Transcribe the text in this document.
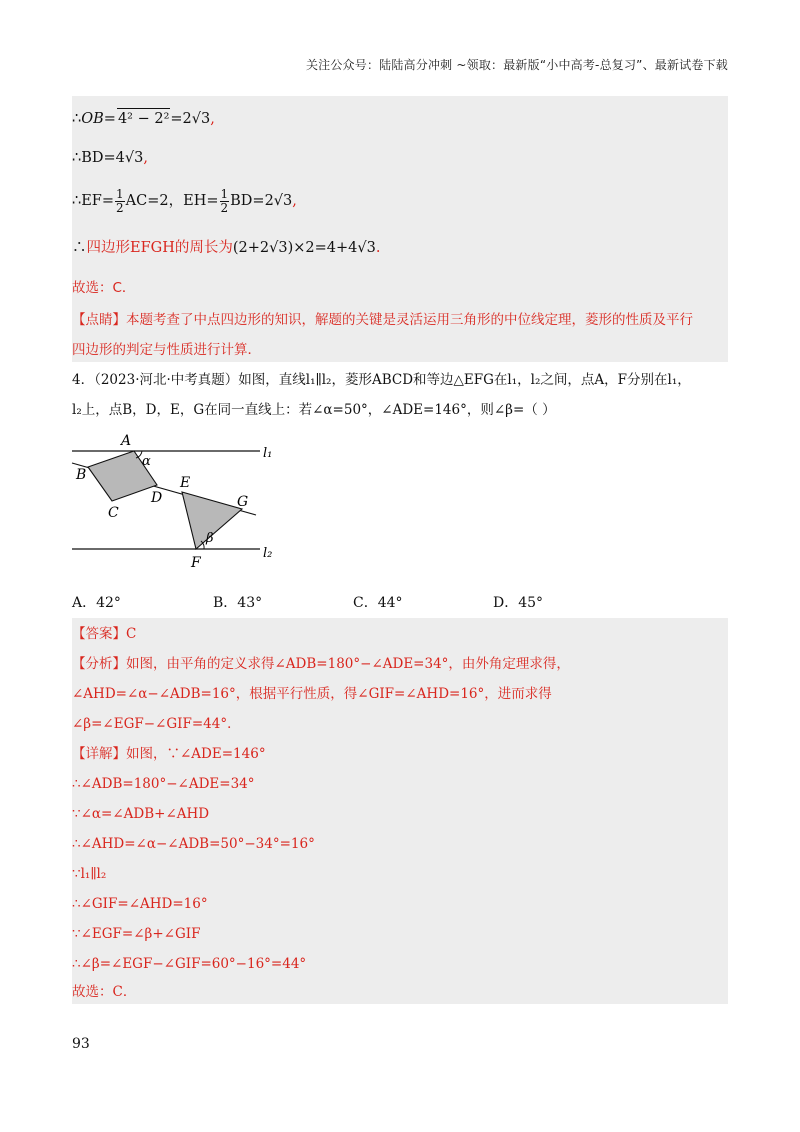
关注公众号：陆陆高分冲刺 ~领取：最新版“小中高考-总复习”、最新试卷下载
∴OB= 4² − 2²=2√3,
∴BD=4√3,
∴EF= $\frac{1}{2} AC=2$，$EH= \frac{1}{2} BD=2√3$,
∴四边形EFGH的周长为(2+2√3)×2=4+4√3.
故选：C．
【点睛】本题考查了中点四边形的知识，解题的关键是灵活运用三角形的中位线定理，菱形的性质及平行
四边形的判定与性质进行计算．
4．（2023·河北·中考真题）如图，直线l₁∥l₂，菱形ABCD和等边△EFG在l₁，l₂之间，点A，F分别在l₁，
l₂上，点B，D，E，G在同一直线上：若∠α=50°，∠ADE=146°，则∠β=（ ）
A
B
C
D
E
G
F
α
β
l₁
l₂
A．42°	B．43°	C．44°	D．45°
【答案】C
【分析】如图，由平角的定义求得∠ADB=180°−∠ADE=34°，由外角定理求得，
∠AHD=∠α−∠ADB=16°，根据平行性质，得∠GIF=∠AHD=16°，进而求得
∠β=∠EGF−∠GIF=44°．
【详解】如图，∵∠ADE=146°
∴∠ADB=180°−∠ADE=34°
∵∠α=∠ADB+∠AHD
∴∠AHD=∠α−∠ADB=50°−34°=16°
∵l₁∥l₂
∴∠GIF=∠AHD=16°
∵∠EGF=∠β+∠GIF
∴∠β=∠EGF−∠GIF=60°−16°=44°
故选：C．
93
